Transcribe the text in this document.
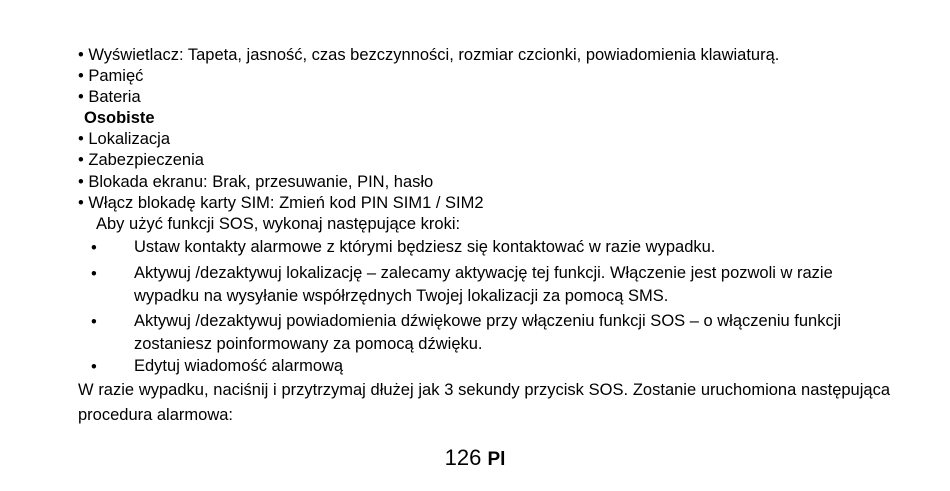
• Wyświetlacz: Tapeta, jasność, czas bezczynności, rozmiar czcionki, powiadomienia klawiaturą.
• Pamięć
• Bateria
Osobiste
• Lokalizacja
• Zabezpieczenia
• Blokada ekranu: Brak, przesuwanie, PIN, hasło
• Włącz blokadę karty SIM: Zmień kod PIN SIM1 / SIM2
Aby użyć funkcji SOS, wykonaj następujące kroki:
• Ustaw kontakty alarmowe z którymi będziesz się kontaktować w razie wypadku.
• Aktywuj /dezaktywuj lokalizację – zalecamy aktywację tej funkcji. Włączenie jest pozwoli w razie wypadku na wysyłanie współrzędnych Twojej lokalizacji za pomocą SMS.
• Aktywuj /dezaktywuj powiadomienia dźwiękowe przy włączeniu funkcji SOS – o włączeniu funkcji zostaniesz poinformowany za pomocą dźwięku.
• Edytuj wiadomość alarmową
W razie wypadku, naciśnij i przytrzymaj dłużej jak 3 sekundy przycisk SOS. Zostanie uruchomiona następująca procedura alarmowa:
126 Pl
